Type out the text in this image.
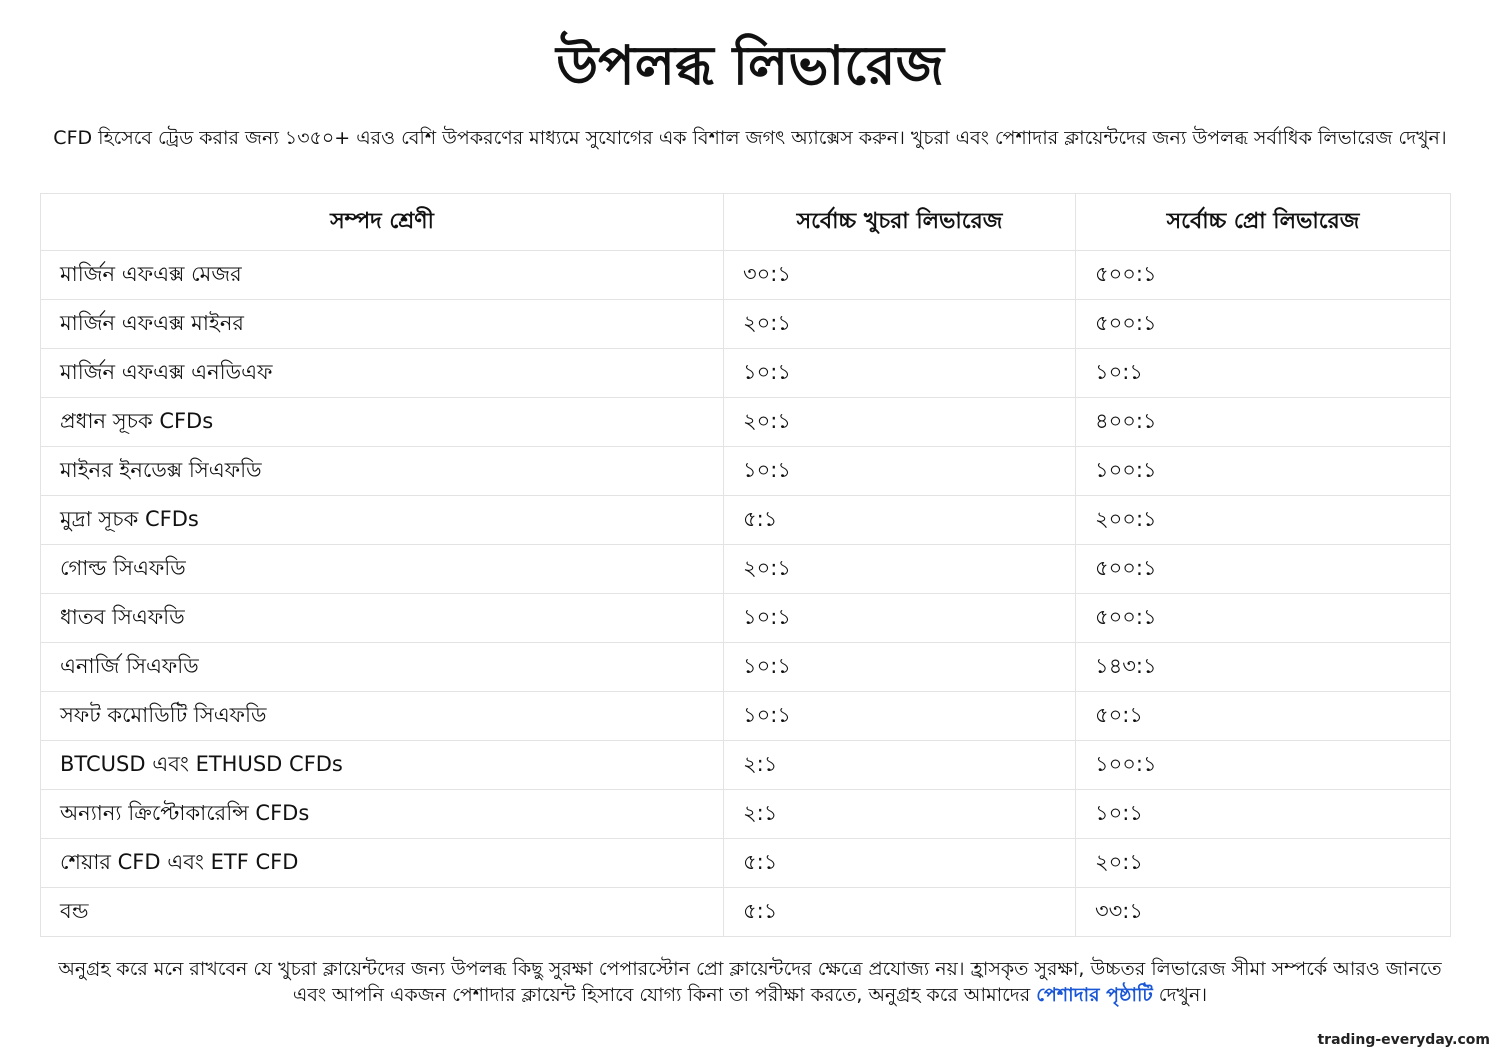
উপলব্ধ লিভারেজ

CFD হিসেবে ট্রেড করার জন্য ১৩৫০+ এরও বেশি উপকরণের মাধ্যমে সুযোগের এক বিশাল জগৎ অ্যাক্সেস করুন। খুচরা এবং পেশাদার ক্লায়েন্টদের জন্য উপলব্ধ সর্বাধিক লিভারেজ দেখুন।

সম্পদ শ্রেণী	সর্বোচ্চ খুচরা লিভারেজ	সর্বোচ্চ প্রো লিভারেজ
মার্জিন এফএক্স মেজর	৩০:১	৫০০:১
মার্জিন এফএক্স মাইনর	২০:১	৫০০:১
মার্জিন এফএক্স এনডিএফ	১০:১	১০:১
প্রধান সূচক CFDs	২০:১	৪০০:১
মাইনর ইনডেক্স সিএফডি	১০:১	১০০:১
মুদ্রা সূচক CFDs	৫:১	২০০:১
গোল্ড সিএফডি	২০:১	৫০০:১
ধাতব সিএফডি	১০:১	৫০০:১
এনার্জি সিএফডি	১০:১	১৪৩:১
সফট কমোডিটি সিএফডি	১০:১	৫০:১
BTCUSD এবং ETHUSD CFDs	২:১	১০০:১
অন্যান্য ক্রিপ্টোকারেন্সি CFDs	২:১	১০:১
শেয়ার CFD এবং ETF CFD	৫:১	২০:১
বন্ড	৫:১	৩৩:১

অনুগ্রহ করে মনে রাখবেন যে খুচরা ক্লায়েন্টদের জন্য উপলব্ধ কিছু সুরক্ষা পেপারস্টোন প্রো ক্লায়েন্টদের ক্ষেত্রে প্রযোজ্য নয়। হ্রাসকৃত সুরক্ষা, উচ্চতর লিভারেজ সীমা সম্পর্কে আরও জানতে এবং আপনি একজন পেশাদার ক্লায়েন্ট হিসাবে যোগ্য কিনা তা পরীক্ষা করতে, অনুগ্রহ করে আমাদের পেশাদার পৃষ্ঠাটি দেখুন।

trading-everyday.com
